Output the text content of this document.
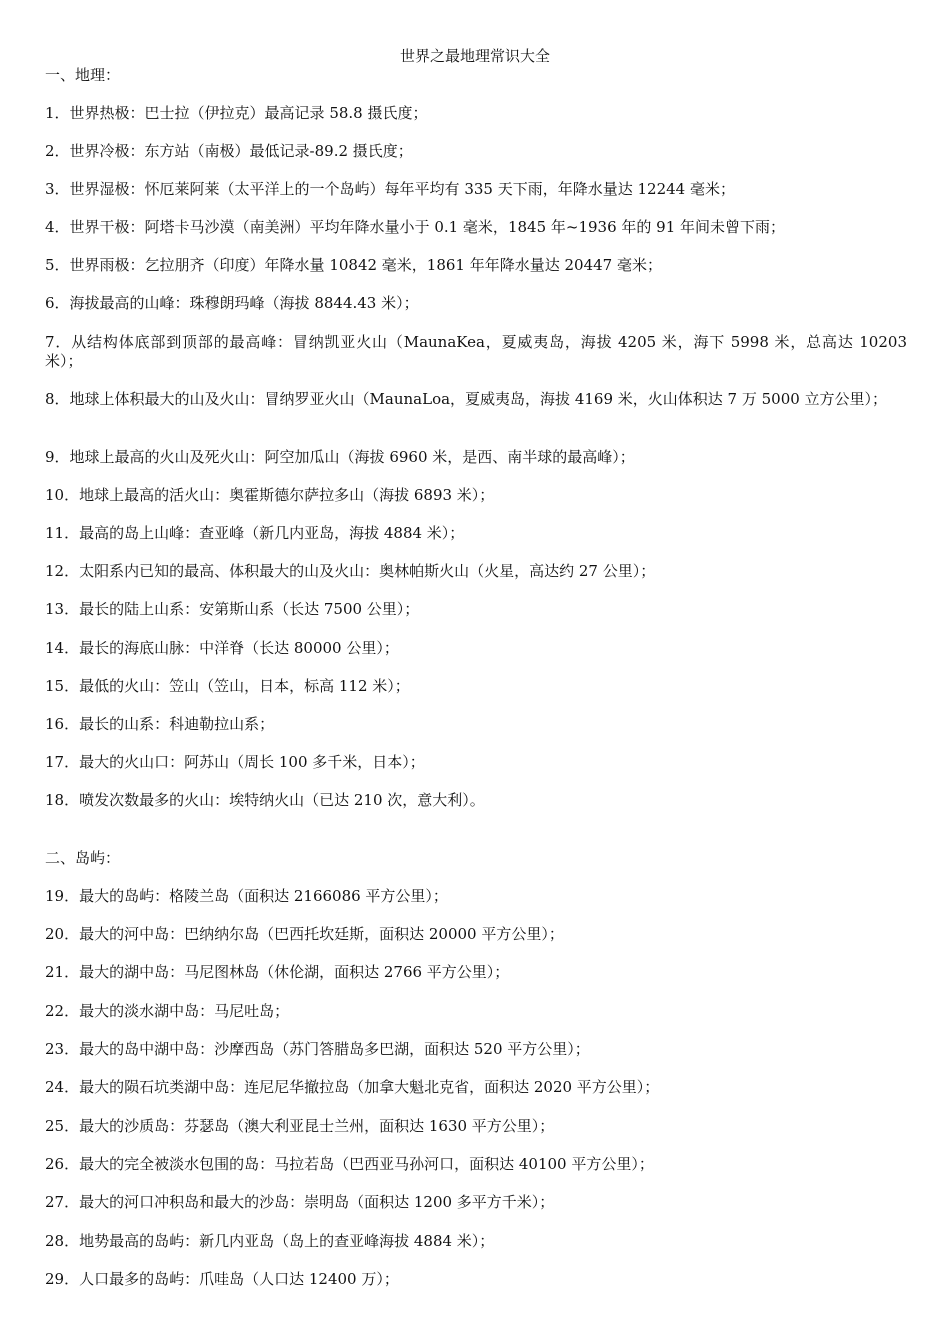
世界之最地理常识大全
一、地理：
1．世界热极：巴士拉（伊拉克）最高记录 58.8 摄氏度；
2．世界冷极：东方站（南极）最低记录-89.2 摄氏度；
3．世界湿极：怀厄莱阿莱（太平洋上的一个岛屿）每年平均有 335 天下雨，年降水量达 12244 毫米；
4．世界干极：阿塔卡马沙漠（南美洲）平均年降水量小于 0.1 毫米，1845 年~1936 年的 91 年间未曾下雨；
5．世界雨极：乞拉朋齐（印度）年降水量 10842 毫米，1861 年年降水量达 20447 毫米；
6．海拔最高的山峰：珠穆朗玛峰（海拔 8844.43 米）；
7．从结构体底部到顶部的最高峰：冒纳凯亚火山（MaunaKea，夏威夷岛，海拔 4205 米，海下 5998 米，总高达 10203 米）；
8．地球上体积最大的山及火山：冒纳罗亚火山（MaunaLoa，夏威夷岛，海拔 4169 米，火山体积达 7 万 5000 立方公里）；
9．地球上最高的火山及死火山：阿空加瓜山（海拔 6960 米，是西、南半球的最高峰）；
10．地球上最高的活火山：奥霍斯德尔萨拉多山（海拔 6893 米）；
11．最高的岛上山峰：查亚峰（新几内亚岛，海拔 4884 米）；
12．太阳系内已知的最高、体积最大的山及火山：奥林帕斯火山（火星，高达约 27 公里）；
13．最长的陆上山系：安第斯山系（长达 7500 公里）；
14．最长的海底山脉：中洋脊（长达 80000 公里）；
15．最低的火山：笠山（笠山，日本，标高 112 米）；
16．最长的山系：科迪勒拉山系；
17．最大的火山口：阿苏山（周长 100 多千米，日本）；
18．喷发次数最多的火山：埃特纳火山（已达 210 次，意大利）。
二、岛屿：
19．最大的岛屿：格陵兰岛（面积达 2166086 平方公里）；
20．最大的河中岛：巴纳纳尔岛（巴西托坎廷斯，面积达 20000 平方公里）；
21．最大的湖中岛：马尼图林岛（休伦湖，面积达 2766 平方公里）；
22．最大的淡水湖中岛：马尼吐岛；
23．最大的岛中湖中岛：沙摩西岛（苏门答腊岛多巴湖，面积达 520 平方公里）；
24．最大的陨石坑类湖中岛：连尼尼华撤拉岛（加拿大魁北克省，面积达 2020 平方公里）；
25．最大的沙质岛：芬瑟岛（澳大利亚昆士兰州，面积达 1630 平方公里）；
26．最大的完全被淡水包围的岛：马拉若岛（巴西亚马孙河口，面积达 40100 平方公里）；
27．最大的河口冲积岛和最大的沙岛：崇明岛（面积达 1200 多平方千米）；
28．地势最高的岛屿：新几内亚岛（岛上的查亚峰海拔 4884 米）；
29．人口最多的岛屿：爪哇岛（人口达 12400 万）；
